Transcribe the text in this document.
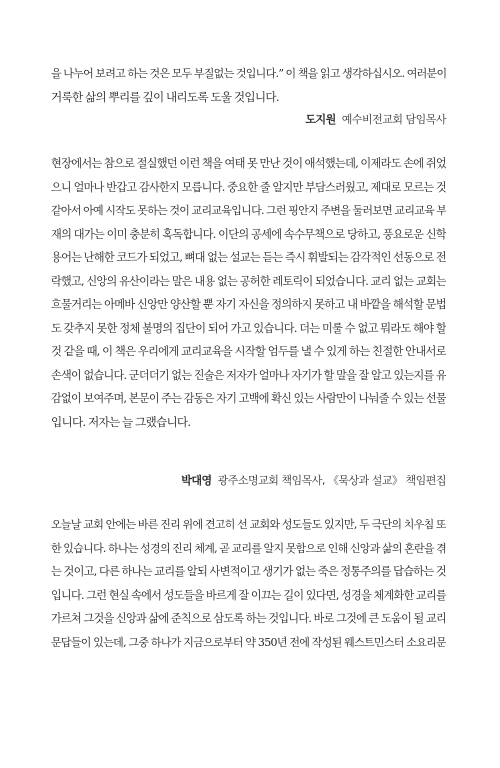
을 나누어 보려고 하는 것은 모두 부질없는 것입니다.” 이 책을 읽고 생각하십시오. 여러분이
거룩한 삶의 뿌리를 깊이 내리도록 도울 것입니다.

도지원 예수비전교회 담임목사

현장에서는 참으로 절실했던 이런 책을 여태 못 만난 것이 애석했는데, 이제라도 손에 쥐었
으니 얼마나 반갑고 감사한지 모릅니다. 중요한 줄 알지만 부담스러웠고, 제대로 모르는 것
같아서 아예 시작도 못하는 것이 교리교육입니다. 그런 핑안지 주변을 둘러보면 교리교육 부
재의 대가는 이미 충분히 혹독합니다. 이단의 공세에 속수무책으로 당하고, 풍요로운 신학
용어는 난해한 코드가 되었고, 뼈대 없는 설교는 듣는 즉시 휘발되는 감각적인 선동으로 전
락했고, 신앙의 유산이라는 말은 내용 없는 공허한 레토릭이 되었습니다. 교리 없는 교회는
흐물거리는 아메바 신앙만 양산할 뿐 자기 자신을 정의하지 못하고 내 바깥을 해석할 문법
도 갖추지 못한 정체 불명의 집단이 되어 가고 있습니다. 더는 미룰 수 없고 뭐라도 해야 할
것 같을 때, 이 책은 우리에게 교리교육을 시작할 엄두를 낼 수 있게 하는 친절한 안내서로
손색이 없습니다. 군더더기 없는 진술은 저자가 얼마나 자기가 할 말을 잘 알고 있는지를 유
감없이 보여주며, 본문이 주는 감동은 자기 고백에 확신 있는 사람만이 나눠줄 수 있는 선물
입니다. 저자는 늘 그랬습니다.

박대영 광주소명교회 책임목사, 《묵상과 설교》 책임편집

오늘날 교회 안에는 바른 진리 위에 견고히 선 교회와 성도들도 있지만, 두 극단의 치우침 또
한 있습니다. 하나는 성경의 진리 체계, 곧 교리를 알지 못함으로 인해 신앙과 삶의 혼란을 겪
는 것이고, 다른 하나는 교리를 알되 사변적이고 생기가 없는 죽은 정통주의를 답습하는 것
입니다. 그런 현실 속에서 성도들을 바르게 잘 이끄는 길이 있다면, 성경을 체계화한 교리를
가르쳐 그것을 신앙과 삶에 준칙으로 삼도록 하는 것입니다. 바로 그것에 큰 도움이 될 교리
문답들이 있는데, 그중 하나가 지금으로부터 약 350년 전에 작성된 웨스트민스터 소요리문
